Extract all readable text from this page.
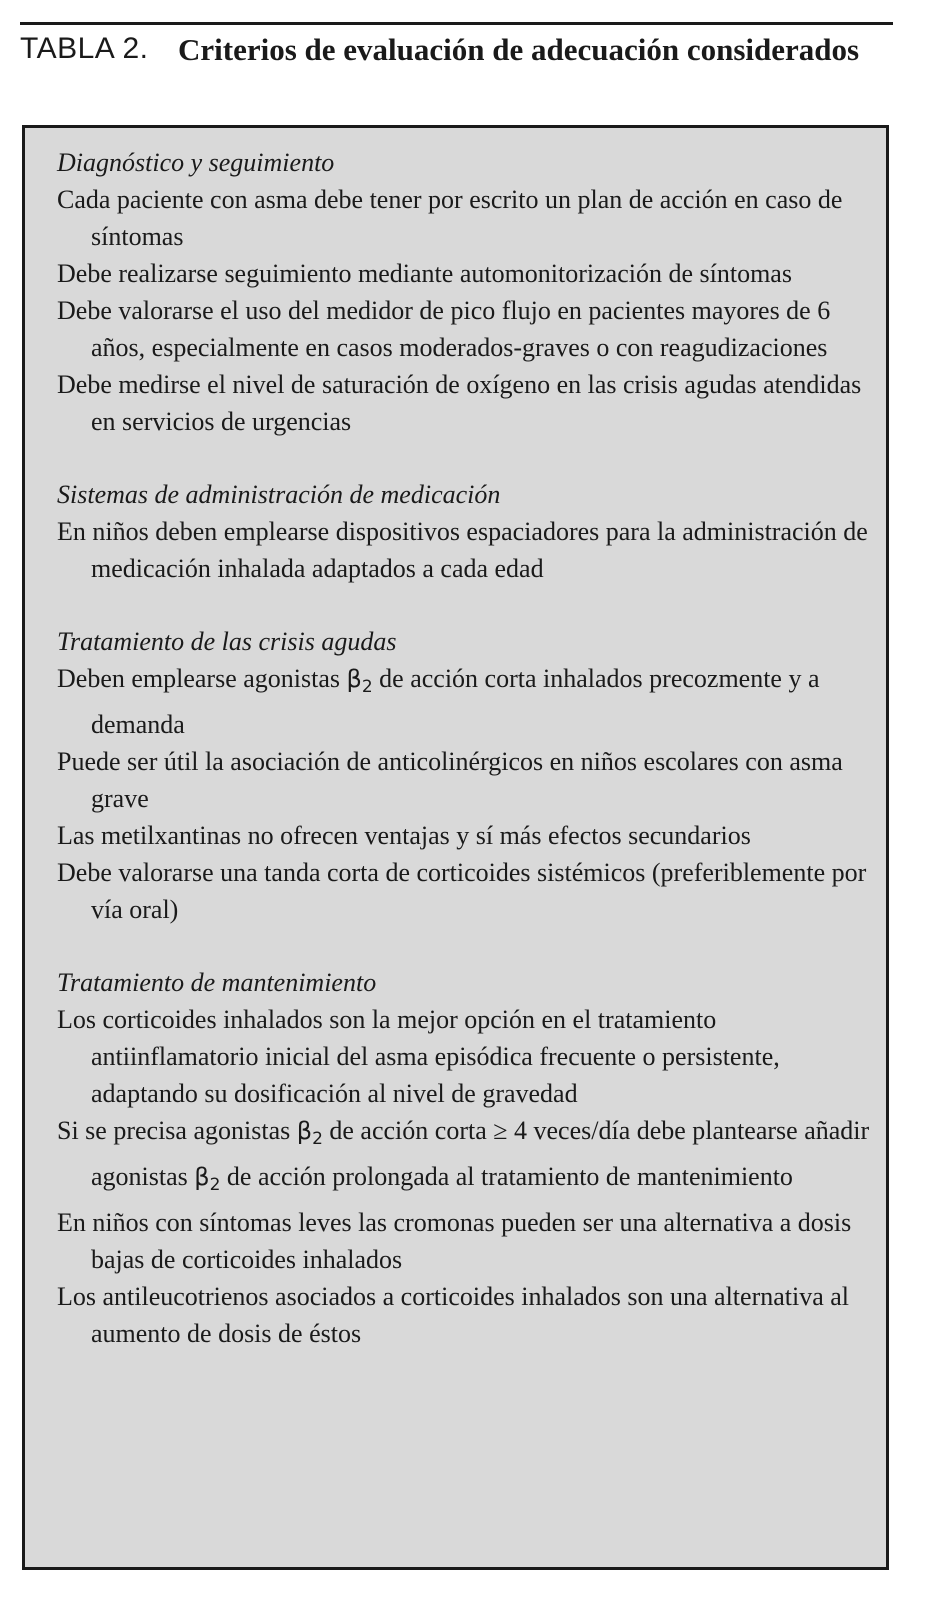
TABLA 2. Criterios de evaluación de adecuación considerados

Diagnóstico y seguimiento

Cada paciente con asma debe tener por escrito un plan de acción en caso de síntomas

Debe realizarse seguimiento mediante automonitorización de síntomas

Debe valorarse el uso del medidor de pico flujo en pacientes mayores de 6 años, especialmente en casos moderados-graves o con reagudizaciones

Debe medirse el nivel de saturación de oxígeno en las crisis agudas atendidas en servicios de urgencias

Sistemas de administración de medicación

En niños deben emplearse dispositivos espaciadores para la administración de medicación inhalada adaptados a cada edad

Tratamiento de las crisis agudas

Deben emplearse agonistas $\beta_2$ de acción corta inhalados precozmente y a demanda

Puede ser útil la asociación de anticolinérgicos en niños escolares con asma grave

Las metilxantinas no ofrecen ventajas y sí más efectos secundarios

Debe valorarse una tanda corta de corticoides sistémicos (preferiblemente por vía oral)

Tratamiento de mantenimiento

Los corticoides inhalados son la mejor opción en el tratamiento antiinflamatorio inicial del asma episódica frecuente o persistente, adaptando su dosificación al nivel de gravedad

Si se precisa agonistas $\beta_2$ de acción corta ≥ 4 veces/día debe plantearse añadir agonistas $\beta_2$ de acción prolongada al tratamiento de mantenimiento

En niños con síntomas leves las cromonas pueden ser una alternativa a dosis bajas de corticoides inhalados

Los antileucotrienos asociados a corticoides inhalados son una alternativa al aumento de dosis de éstos
